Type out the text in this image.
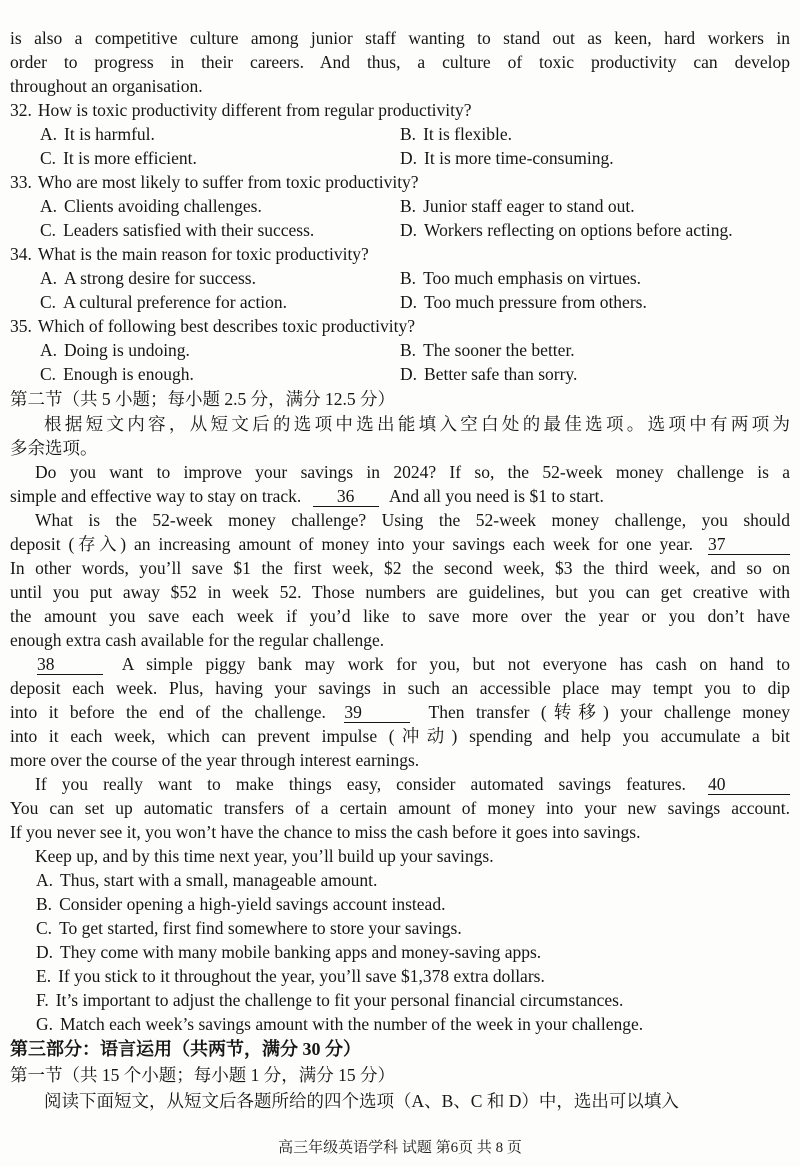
is also a competitive culture among junior staff wanting to stand out as keen, hard workers in
order to progress in their careers. And thus, a culture of toxic productivity can develop
throughout an organisation.
32. How is toxic productivity different from regular productivity?
A. It is harmful.	B. It is flexible.
C. It is more efficient.	D. It is more time-consuming.
33. Who are most likely to suffer from toxic productivity?
A. Clients avoiding challenges.	B. Junior staff eager to stand out.
C. Leaders satisfied with their success.	D. Workers reflecting on options before acting.
34. What is the main reason for toxic productivity?
A. A strong desire for success.	B. Too much emphasis on virtues.
C. A cultural preference for action.	D. Too much pressure from others.
35. Which of following best describes toxic productivity?
A. Doing is undoing.	B. The sooner the better.
C. Enough is enough.	D. Better safe than sorry.
第二节（共 5 小题；每小题 2.5 分，满分 12.5 分）
根据短文内容，从短文后的选项中选出能填入空白处的最佳选项。选项中有两项为
多余选项。
Do you want to improve your savings in 2024? If so, the 52-week money challenge is a
simple and effective way to stay on track. 36 And all you need is $1 to start.
What is the 52-week money challenge? Using the 52-week money challenge, you should
deposit (存入) an increasing amount of money into your savings each week for one year. 37
In other words, you’ll save $1 the first week, $2 the second week, $3 the third week, and so on
until you put away $52 in week 52. Those numbers are guidelines, but you can get creative with
the amount you save each week if you’d like to save more over the year or you don’t have
enough extra cash available for the regular challenge.
38	A simple piggy bank may work for you, but not everyone has cash on hand to
deposit each week. Plus, having your savings in such an accessible place may tempt you to dip
into it before the end of the challenge. 39	Then transfer (转移) your challenge money
into it each week, which can prevent impulse (冲动) spending and help you accumulate a bit
more over the course of the year through interest earnings.
If you really want to make things easy, consider automated savings features. 40
You can set up automatic transfers of a certain amount of money into your new savings account.
If you never see it, you won’t have the chance to miss the cash before it goes into savings.
Keep up, and by this time next year, you’ll build up your savings.
A. Thus, start with a small, manageable amount.
B. Consider opening a high-yield savings account instead.
C. To get started, first find somewhere to store your savings.
D. They come with many mobile banking apps and money-saving apps.
E. If you stick to it throughout the year, you’ll save $1,378 extra dollars.
F. It’s important to adjust the challenge to fit your personal financial circumstances.
G. Match each week’s savings amount with the number of the week in your challenge.
第三部分：语言运用（共两节，满分 30 分）
第一节（共 15 个小题；每小题 1 分，满分 15 分）
阅读下面短文，从短文后各题所给的四个选项（A、B、C 和 D）中，选出可以填入
高三年级英语学科 试题 第6页 共 8 页
